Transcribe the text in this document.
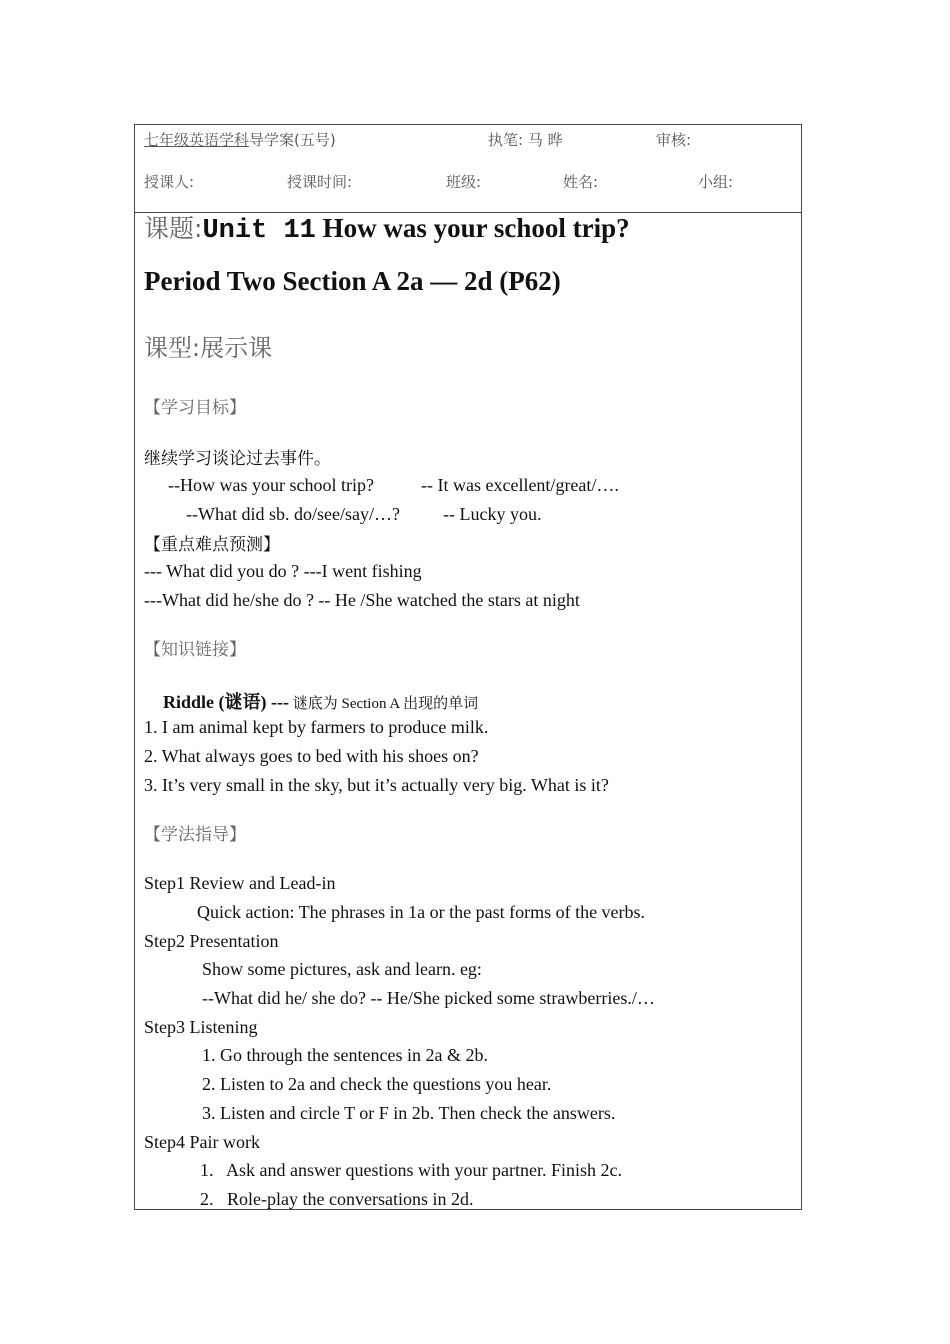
七年级英语学科导学案(五号)	执笔: 马 晔	审核:
授课人:	授课时间:	班级:	姓名:	小组:
课题:Unit 11 How was your school trip?
Period Two Section A 2a — 2d (P62)
课型:展示课
【学习目标】
继续学习谈论过去事件。
--How was your school trip?	-- It was excellent/great/….
--What did sb. do/see/say/…? -- Lucky you.
【重点难点预测】
--- What did you do ? ---I went fishing
---What did he/she do ? -- He /She watched the stars at night
【知识链接】
Riddle (谜语) --- 谜底为 Section A 出现的单词
1. I am animal kept by farmers to produce milk.
2. What always goes to bed with his shoes on?
3. It’s very small in the sky, but it’s actually very big. What is it?
【学法指导】
Step1 Review and Lead-in
Quick action: The phrases in 1a or the past forms of the verbs.
Step2 Presentation
Show some pictures, ask and learn. eg:
--What did he/ she do? -- He/She picked some strawberries./…
Step3 Listening
1. Go through the sentences in 2a & 2b.
2. Listen to 2a and check the questions you hear.
3. Listen and circle T or F in 2b. Then check the answers.
Step4 Pair work
1.   Ask and answer questions with your partner. Finish 2c.
2.   Role-play the conversations in 2d.
